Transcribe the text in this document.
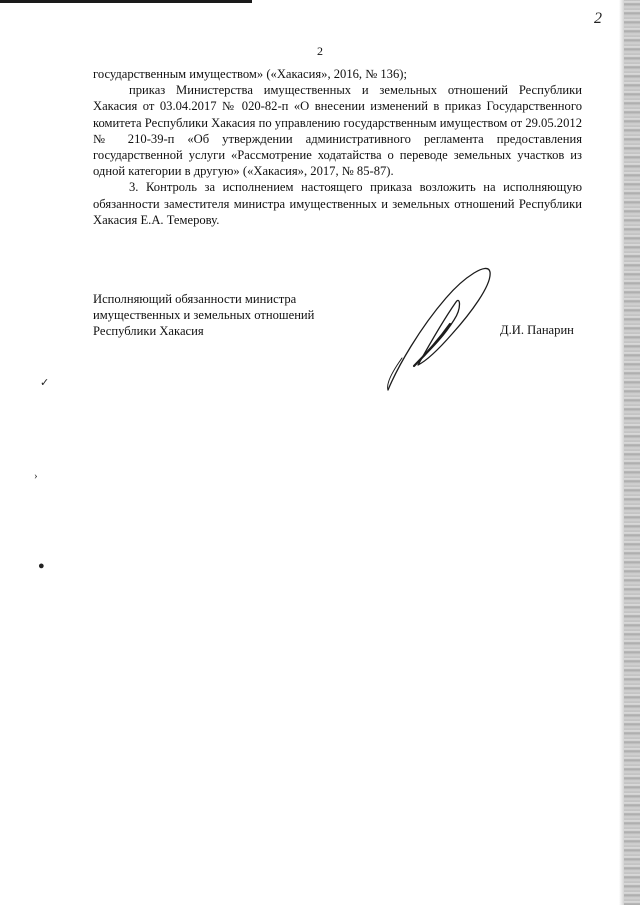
2
2

государственным имуществом» («Хакасия», 2016, № 136);

приказ Министерства имущественных и земельных отношений Республики Хакасия от 03.04.2017 № 020-82-п «О внесении изменений в приказ Государственного комитета Республики Хакасия по управлению государственным имуществом от 29.05.2012 № 210-39-п «Об утверждении административного регламента предоставления государственной услуги «Рассмотрение ходатайства о переводе земельных участков из одной категории в другую» («Хакасия», 2017, № 85-87).

3. Контроль за исполнением настоящего приказа возложить на исполняющую обязанности заместителя министра имущественных и земельных отношений Республики Хакасия Е.А. Темерову.

Исполняющий обязанности министра
имущественных и земельных отношений
Республики Хакасия	Д.И. Панарин
✓
›
●
